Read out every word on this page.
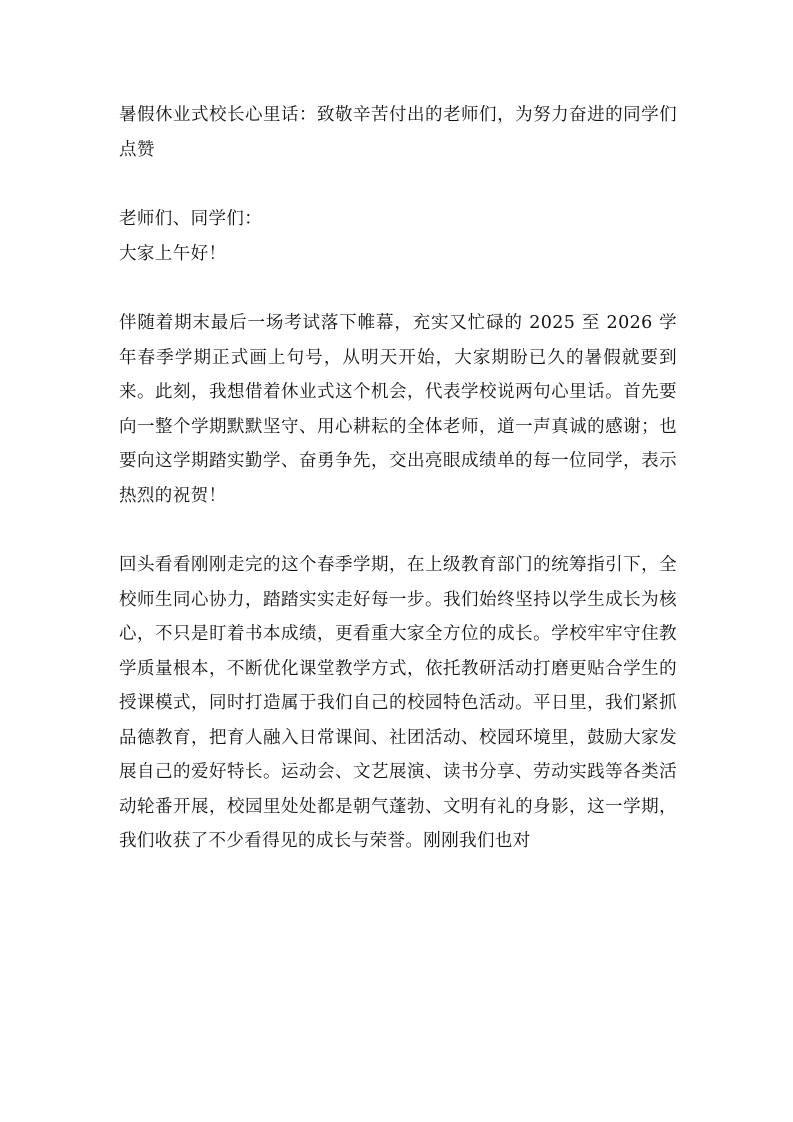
暑假休业式校长心里话：致敬辛苦付出的老师们，为努力奋进的同学们点赞

老师们、同学们：

大家上午好！

伴随着期末最后一场考试落下帷幕，充实又忙碌的 2025 至 2026 学年春季学期正式画上句号，从明天开始，大家期盼已久的暑假就要到来。此刻，我想借着休业式这个机会，代表学校说两句心里话。首先要向一整个学期默默坚守、用心耕耘的全体老师，道一声真诚的感谢；也要向这学期踏实勤学、奋勇争先，交出亮眼成绩单的每一位同学，表示热烈的祝贺！

回头看看刚刚走完的这个春季学期，在上级教育部门的统筹指引下，全校师生同心协力，踏踏实实走好每一步。我们始终坚持以学生成长为核心，不只是盯着书本成绩，更看重大家全方位的成长。学校牢牢守住教学质量根本，不断优化课堂教学方式，依托教研活动打磨更贴合学生的授课模式，同时打造属于我们自己的校园特色活动。平日里，我们紧抓品德教育，把育人融入日常课间、社团活动、校园环境里，鼓励大家发展自己的爱好特长。运动会、文艺展演、读书分享、劳动实践等各类活动轮番开展，校园里处处都是朝气蓬勃、文明有礼的身影，这一学期，我们收获了不少看得见的成长与荣誉。刚刚我们也对
